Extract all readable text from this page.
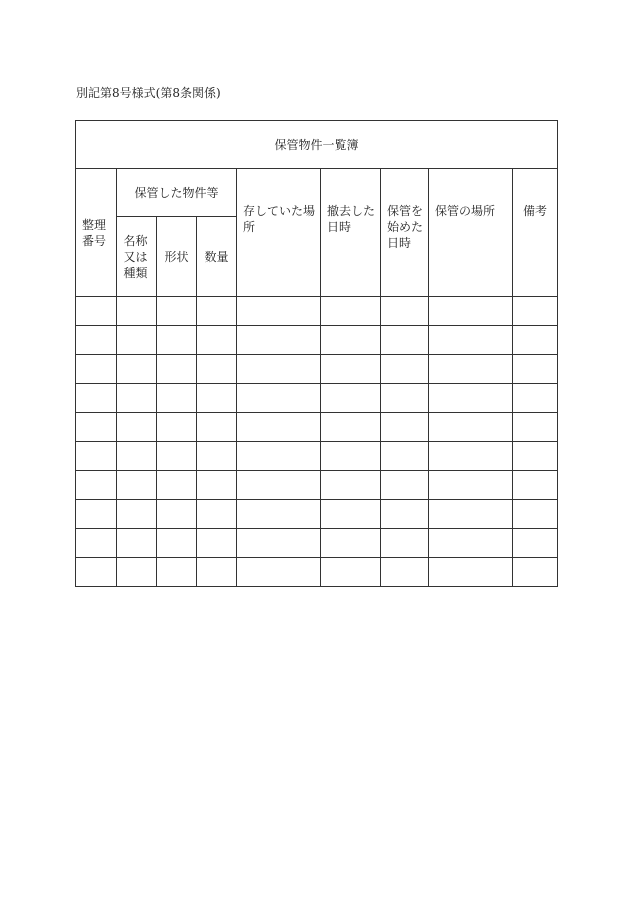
別記第8号様式(第8条関係)
保管物件一覧簿								
整理番号	保管した物件等			存していた場所	撤去した日時	保管を始めた日時	保管の場所	備考
	名称又は種類	形状	数量					
